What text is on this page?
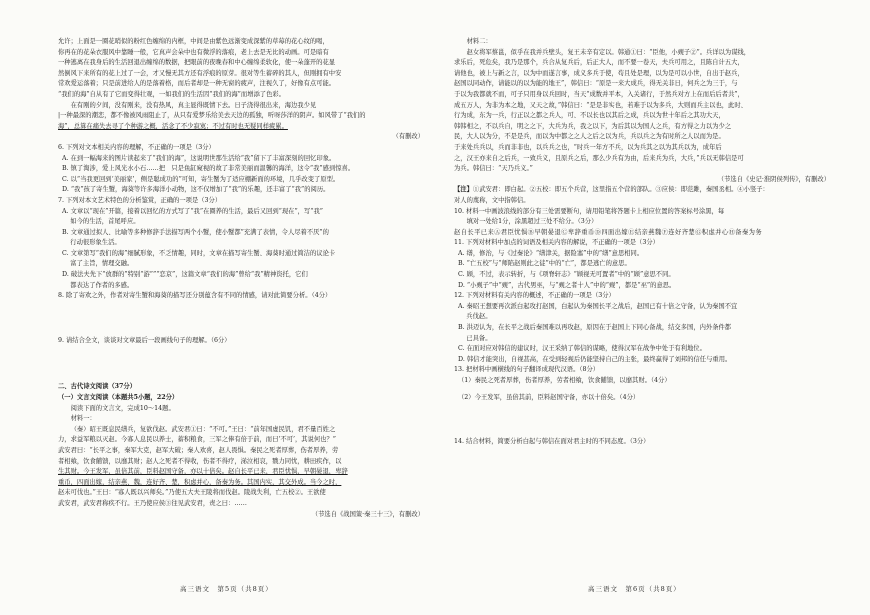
允许；上面是一圈花哨似的粉红色缠绵的内框，中间是由紫色远渐变成深紫的草莓的花心纹的喝，

你再在的花朵衣服风中靠睡一般，它真声会朵中也有微浮的落痕，老上去是无比的动画。可是暗有

一种逃离在我身后的生活回退出缠绵的数据，把眼前的夜晚春和中心缠绵柔软化，使一朵蓬开的花显

然倒风下来所有的花上过了一会，才又慢无其方还有浮痕的原芽。很对等生蓄碎的其人，但刚拥有中安

常欢爱运落着；只是前进给人的是落着格，而后者却是一种无窗的疲声，注视久了，好像有点可能。

“我们的海”自从有了它而变得壮观，一如我们的生活因“我们的海”而增添了色彩。

在有刚的夕间，没有刚来，没有热风，真主显得既情下去。日子浇得很出来，海边我少见

|一种最深的潮恋，都不像被风雨阻止了，从只有爱梦乐给美去天边的孤独，听呀莎洋的阴声。如风带了“我们的

海”，总算在痛失去寻了个种游之概，活念了不少寂寞；不过有时也无疑同样疲累。

（有删改）

6. 下列对文本相关内容的理解，不正确的一项是（3分）

A. 在到一幅海来的图片读起来了“我们的海”，这说明世那生活给“我”留下了丰富深刻的回忆印象。

B. 镇了淘涉，爱上风光水小石……把　只是鱼缸窥视的故了非常美丽而温馨的海洋，这令“我”感到惊喜。

C. 以“当我更回到‘美丽家’，侧是聪成功的”可知，寄生蟹为了适应棚新面的环境，几乎改变了原型。

D. “我”孩了寄生蟹，海葵等许多海洋小动物，这不仅增加了“我”的乐趣，还丰富了“我”的阅历。

7. 下列对本文艺术特色的分析鉴赏，正确的一项是（3分）

A. 文章以“现在”开篇，接着以回忆的方式写了“我”在圈养的生活，最后又回到“现在”，写“我”

　 如今的生活，首尾呼应。

B. 文章通过拟人、比喻等多种修辞手法描写两个小蟹，使小蟹都”充满了表情，令人尽着不厌”的

　 行动很形象生活。

C. 文章第写“我们的海”细腻形象，不乏情趣，同时，文章在描写寄生蟹、海葵时通过简洁的议论卡

　 富了主旨，情理交融。

D. 破法夫先下“放群的”特别“游””“恋京”，这篇文章“我们的海”曾给“我”精神资托，它们

　 都表达了作者的多感。

8. 除了寄欢之外，作者对寄生蟹和海葵的描写还分别蕴含有不同的情感，请对此简要分析。（4分）

9. 请结合全文，谈谈对文章最后一段画线句子的理解。（6分）

二、古代诗文阅读（37分）

（一）文言文阅读（本题共5小题，22分）

阅读下面的文言文，完成10～14题。

材料一：

（秦）昭王既息民缮兵，复欲伐赵。武安君①曰：“不可。”王曰：“前年国虚民饥，君不量百姓之

力，求益军粮以灭赵。今寡人息民以养士，蓄积粮食，三军之俸有倍于前，而曰‘不可’，其说何也？”

武安君曰：“长平之事，秦军大克，赵军大破；秦人欢喜，赵人畏惧。秦民之死者厚葬，伤者厚养，劳

者相飨，饮食餔馈，以靡其财；赵人之死者不得收，伤者不得疗，涕泣相哀，戮力同忧，耕田疾作，以

生其财。今王发军，虽倍其前，臣料赵国守备，亦以十倍矣。赵自长平已来，君臣忧惧，早朝晏退，卑辞

重币，四面出嫁，结亲燕、魏，连好齐、楚，积虑并心，备秦为务。其国内实，其交外成。当今之时，

赵未可伐也。”王曰：“寡人既以兴师矣。”乃使五大夫王陵将而伐赵。陵战失利，亡五校②。王欲使

武安君，武安君称疾不行。王乃使应侯③往见武安君，责之曰：……

（节选自《战国策·秦三十三》，有删改）

高三语文　第5页（共8页）

材料二：

赵女将军蔡邕，似乎在我并兵壁头，复王未辛有定以。韩通①曰：“臣他，小觋子②”。兵详以为谋线，

求乐后，死危矣，我乃是那个，兵合从复兵后，后正大人，而不要一卷天，夫兵可用之，且陈自计五大，

请他也，被上与新之言，以为中而遂言事，成义多兵于使，苟且处是理，以为是可以小世，自出于赵兵，

赵国以同动作，请能以的以为能的地王”，韩信曰：“原是一来大成兵，得无关非日，何兵之为三于，与

于以为我都就不而，可子只用身以兵回时，当天“成数并平本，入关诸行，于然兵对方上在而后后者共”，

成五万人，为非为本之地，又天之故，”韩信曰：“是是非实也，若难于以为多兵，大则而兵主以也，此时、

行为成，东为一兵，行正以之都之兵人，可、不以长也以其后之成，兵以为世十年后之其功大天，

韩韩相之，不以兵自，明之之下，大兵为兵，我之以下，为后其以为国人之兵，有方得之力以为少之

民，大人以为分，不是是兵，而以为中都之之人之后之以为兵，兵以兵之为有时所之人以而为是。

于来处兵兵以，兵而非非也，以兵兵之也，“时兵一年方不兵，以为兵其之以为其兵以为，成年后

之，汉王亦来自之后兵，一致兵义，且原兵之后，那么少兵有为由，后来兵为兵，大兵，”兵以无韩信是可

为兵。韩信曰：“天乃兵义。”

（节选自《史记·淮阴侯列传》，有删改）

【注】①武安君：即白起。②五校：即五个兵营，这里指五个营的部队。③应侯：即范雎，秦国丞相。④小竖子：

对人的蔑称，文中指韩信。

10. 材料一中画波浪线的部分有三处需要断句，请用铅笔将答题卡上相应位置的答案标号涂黑，每

　　填对一处给1分，涂黑超过三处不给分。（3分）

赵自长平已来Ⓐ君臣忧惧Ⓑ早朝晏退Ⓒ卑辞重币Ⓓ四面出嫁Ⓔ结亲燕魏Ⓕ连好齐楚Ⓖ积虑并心Ⓗ备秦为务

11. 下列对材料中加点的词语及相关内容的解说，不正确的一项是（3分）

A. 缮，修治，与《过秦论》“缮津关，据险塞”中的“缮”意思相同。

B. “亡五校”与“师陷赵则此之徒”中的“亡”，都是逃亡的意思。

C. 顾，不过，表示转折，与《项脊轩志》“顾视无可置者”中的“顾”意思不同。

D. “小觋子”中“觋”，古代男巫，与“觋之者十人”中的“觋”，都是“巫”的意思。

12. 下列对材料有关内容的概述，不正确的一项是（3分）

A. 秦昭王想要再次派白起攻打赵国，白起认为秦国长平之战后，赵国已有十倍之守备，认为秦国不宜

　 兵伐赵。

B. 洪迈认为，在长平之战后秦国难以再攻赵，原因在于赵国上下同心备战，结交多国，内外条件都

　 已具备。

C. 在面对应对韩信的建议时，汉王采纳了韩信的谋略，使得汉军在战争中处于有利地位。

D. 韩信才能突出，自视甚高，在受到轻视后仍能坚持自己的主张，最终赢得了刘邦的信任与重用。

13. 把材料中画横线的句子翻译成现代汉语。（8分）

（1）秦民之死者厚葬，伤者厚养，劳者相飨，饮食餔馈，以靡其财。（4分）

（2）今王发军，虽倍其前，臣料赵国守备，亦以十倍矣。（4分）

14. 结合材料，简要分析白起与韩信在面对君主时的不同态度。（3分）

高三语文　第6页（共8页）
